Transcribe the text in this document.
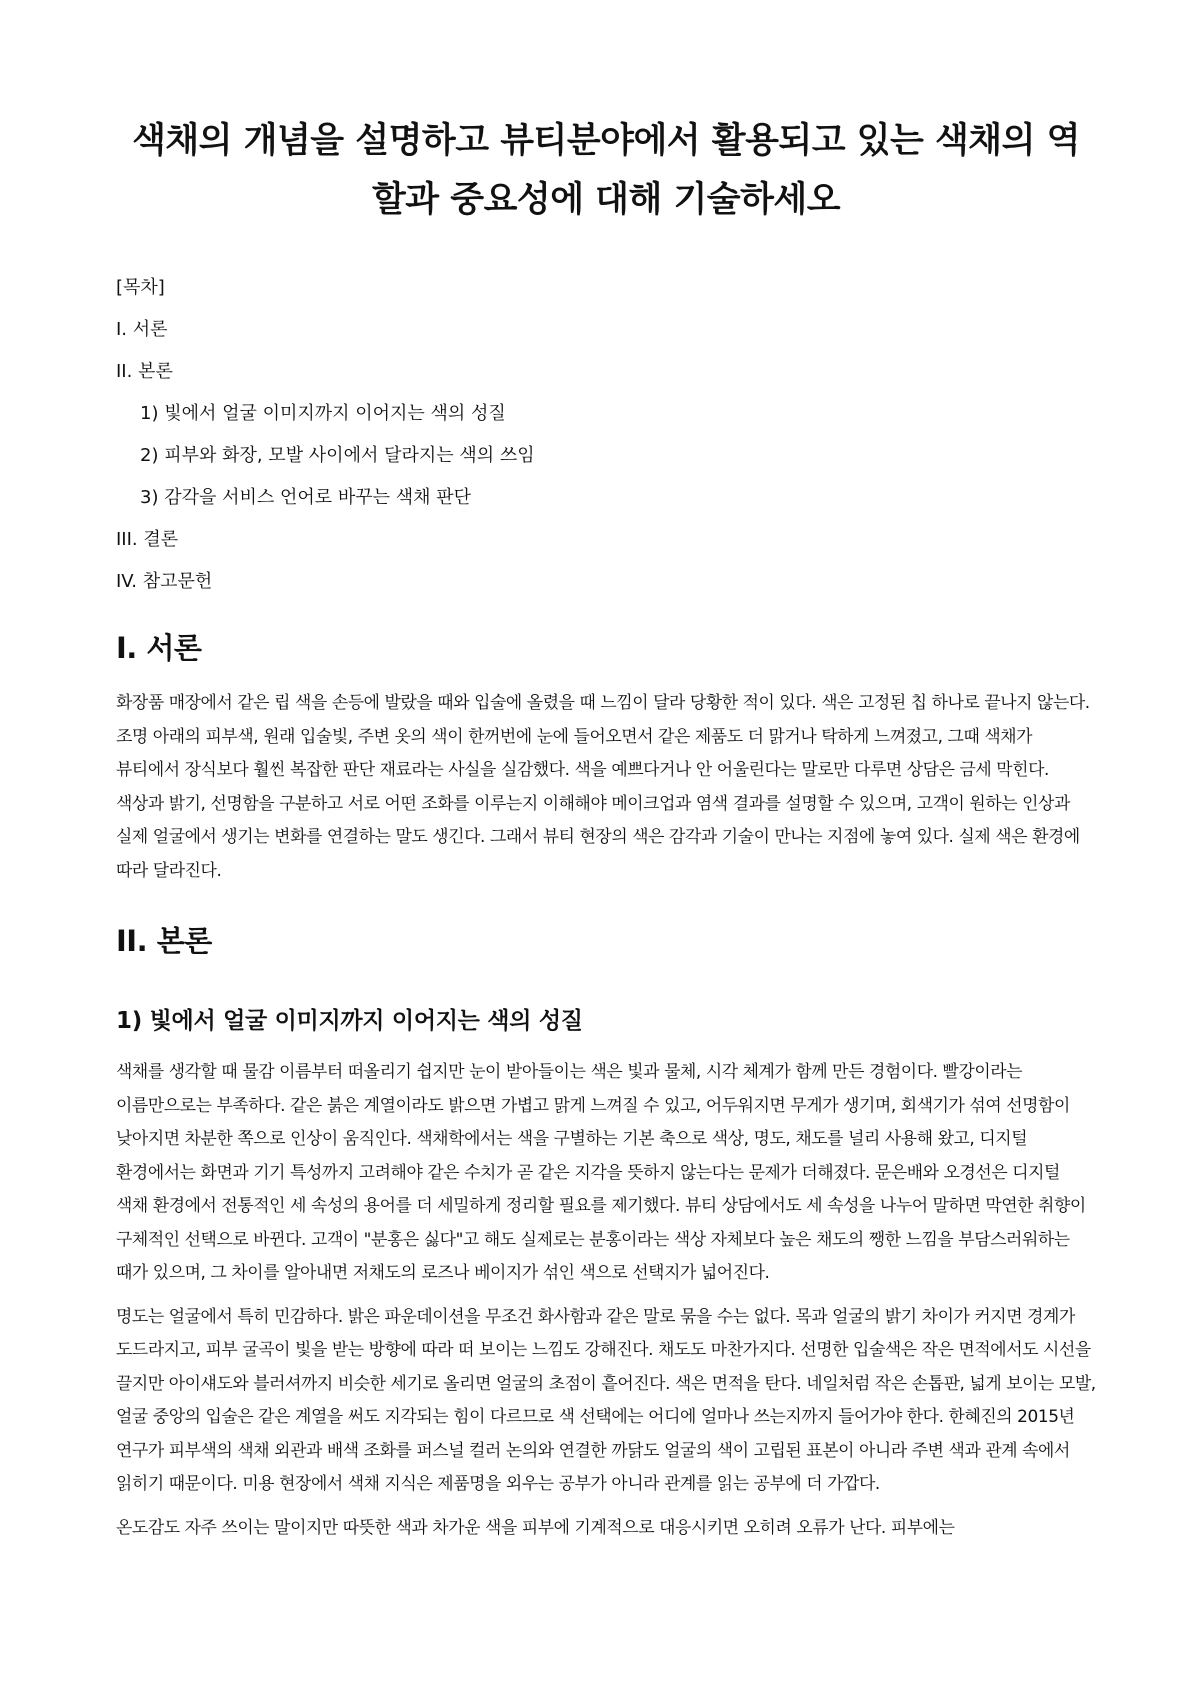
색채의 개념을 설명하고 뷰티분야에서 활용되고 있는 색채의 역할과 중요성에 대해 기술하세오
[목차]
I. 서론
II. 본론
1) 빛에서 얼굴 이미지까지 이어지는 색의 성질
2) 피부와 화장, 모발 사이에서 달라지는 색의 쓰임
3) 감각을 서비스 언어로 바꾸는 색채 판단
III. 결론
IV. 참고문헌
I. 서론

화장품 매장에서 같은 립 색을 손등에 발랐을 때와 입술에 올렸을 때 느낌이 달라 당황한 적이 있다. 색은 고정된 칩 하나로 끝나지 않는다. 조명 아래의 피부색, 원래 입술빛, 주변 옷의 색이 한꺼번에 눈에 들어오면서 같은 제품도 더 맑거나 탁하게 느껴졌고, 그때 색채가 뷰티에서 장식보다 훨씬 복잡한 판단 재료라는 사실을 실감했다. 색을 예쁘다거나 안 어울린다는 말로만 다루면 상담은 금세 막힌다. 색상과 밝기, 선명함을 구분하고 서로 어떤 조화를 이루는지 이해해야 메이크업과 염색 결과를 설명할 수 있으며, 고객이 원하는 인상과 실제 얼굴에서 생기는 변화를 연결하는 말도 생긴다. 그래서 뷰티 현장의 색은 감각과 기술이 만나는 지점에 놓여 있다. 실제 색은 환경에 따라 달라진다.

II. 본론
1) 빛에서 얼굴 이미지까지 이어지는 색의 성질

색채를 생각할 때 물감 이름부터 떠올리기 쉽지만 눈이 받아들이는 색은 빛과 물체, 시각 체계가 함께 만든 경험이다. 빨강이라는 이름만으로는 부족하다. 같은 붉은 계열이라도 밝으면 가볍고 맑게 느껴질 수 있고, 어두워지면 무게가 생기며, 회색기가 섞여 선명함이 낮아지면 차분한 쪽으로 인상이 움직인다. 색채학에서는 색을 구별하는 기본 축으로 색상, 명도, 채도를 널리 사용해 왔고, 디지털 환경에서는 화면과 기기 특성까지 고려해야 같은 수치가 곧 같은 지각을 뜻하지 않는다는 문제가 더해졌다. 문은배와 오경선은 디지털 색채 환경에서 전통적인 세 속성의 용어를 더 세밀하게 정리할 필요를 제기했다. 뷰티 상담에서도 세 속성을 나누어 말하면 막연한 취향이 구체적인 선택으로 바뀐다. 고객이 "분홍은 싫다"고 해도 실제로는 분홍이라는 색상 자체보다 높은 채도의 쨍한 느낌을 부담스러워하는 때가 있으며, 그 차이를 알아내면 저채도의 로즈나 베이지가 섞인 색으로 선택지가 넓어진다.

명도는 얼굴에서 특히 민감하다. 밝은 파운데이션을 무조건 화사함과 같은 말로 묶을 수는 없다. 목과 얼굴의 밝기 차이가 커지면 경계가 도드라지고, 피부 굴곡이 빛을 받는 방향에 따라 떠 보이는 느낌도 강해진다. 채도도 마찬가지다. 선명한 입술색은 작은 면적에서도 시선을 끌지만 아이섀도와 블러셔까지 비슷한 세기로 올리면 얼굴의 초점이 흩어진다. 색은 면적을 탄다. 네일처럼 작은 손톱판, 넓게 보이는 모발, 얼굴 중앙의 입술은 같은 계열을 써도 지각되는 힘이 다르므로 색 선택에는 어디에 얼마나 쓰는지까지 들어가야 한다. 한혜진의 2015년 연구가 피부색의 색채 외관과 배색 조화를 퍼스널 컬러 논의와 연결한 까닭도 얼굴의 색이 고립된 표본이 아니라 주변 색과 관계 속에서 읽히기 때문이다. 미용 현장에서 색채 지식은 제품명을 외우는 공부가 아니라 관계를 읽는 공부에 더 가깝다.

온도감도 자주 쓰이는 말이지만 따뜻한 색과 차가운 색을 피부에 기계적으로 대응시키면 오히려 오류가 난다. 피부에는
